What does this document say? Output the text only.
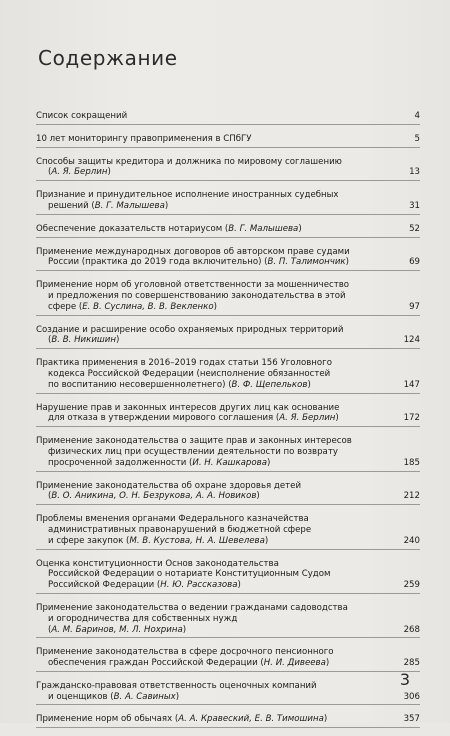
Содержание
Список сокращений	4
10 лет мониторингу правоприменения в СПбГУ	5
Способы защиты кредитора и должника по мировому соглашению
(А. Я. Берлин)	13
Признание и принудительное исполнение иностранных судебных
решений (В. Г. Малышева)	31
Обеспечение доказательств нотариусом (В. Г. Малышева)	52
Применение международных договоров об авторском праве судами
России (практика до 2019 года включительно) (В. П. Талимончик)	69
Применение норм об уголовной ответственности за мошенничество
и предложения по совершенствованию законодательства в этой
сфере (Е. В. Суслина, В. В. Векленко)	97
Создание и расширение особо охраняемых природных территорий
(В. В. Никишин)	124
Практика применения в 2016–2019 годах статьи 156 Уголовного
кодекса Российской Федерации (неисполнение обязанностей
по воспитанию несовершеннолетнего) (В. Ф. Щепельков)	147
Нарушение прав и законных интересов других лиц как основание
для отказа в утверждении мирового соглашения (А. Я. Берлин)	172
Применение законодательства о защите прав и законных интересов
физических лиц при осуществлении деятельности по возврату
просроченной задолженности (И. Н. Кашкарова)	185
Применение законодательства об охране здоровья детей
(В. О. Аникина, О. Н. Безрукова, А. А. Новиков)	212
Проблемы вменения органами Федерального казначейства
административных правонарушений в бюджетной сфере
и сфере закупок (М. В. Кустова, Н. А. Шевелева)	240
Оценка конституционности Основ законодательства
Российской Федерации о нотариате Конституционным Судом
Российской Федерации (Н. Ю. Рассказова)	259
Применение законодательства о ведении гражданами садоводства
и огородничества для собственных нужд
(А. М. Баринов, М. Л. Нохрина)	268
Применение законодательства в сфере досрочного пенсионного
обеспечения граждан Российской Федерации (Н. И. Дивеева)	285
Гражданско-правовая ответственность оценочных компаний
и оценщиков (В. А. Савиных)	306
Применение норм об обычаях (А. А. Кравеский, Е. В. Тимошина)	357
3
